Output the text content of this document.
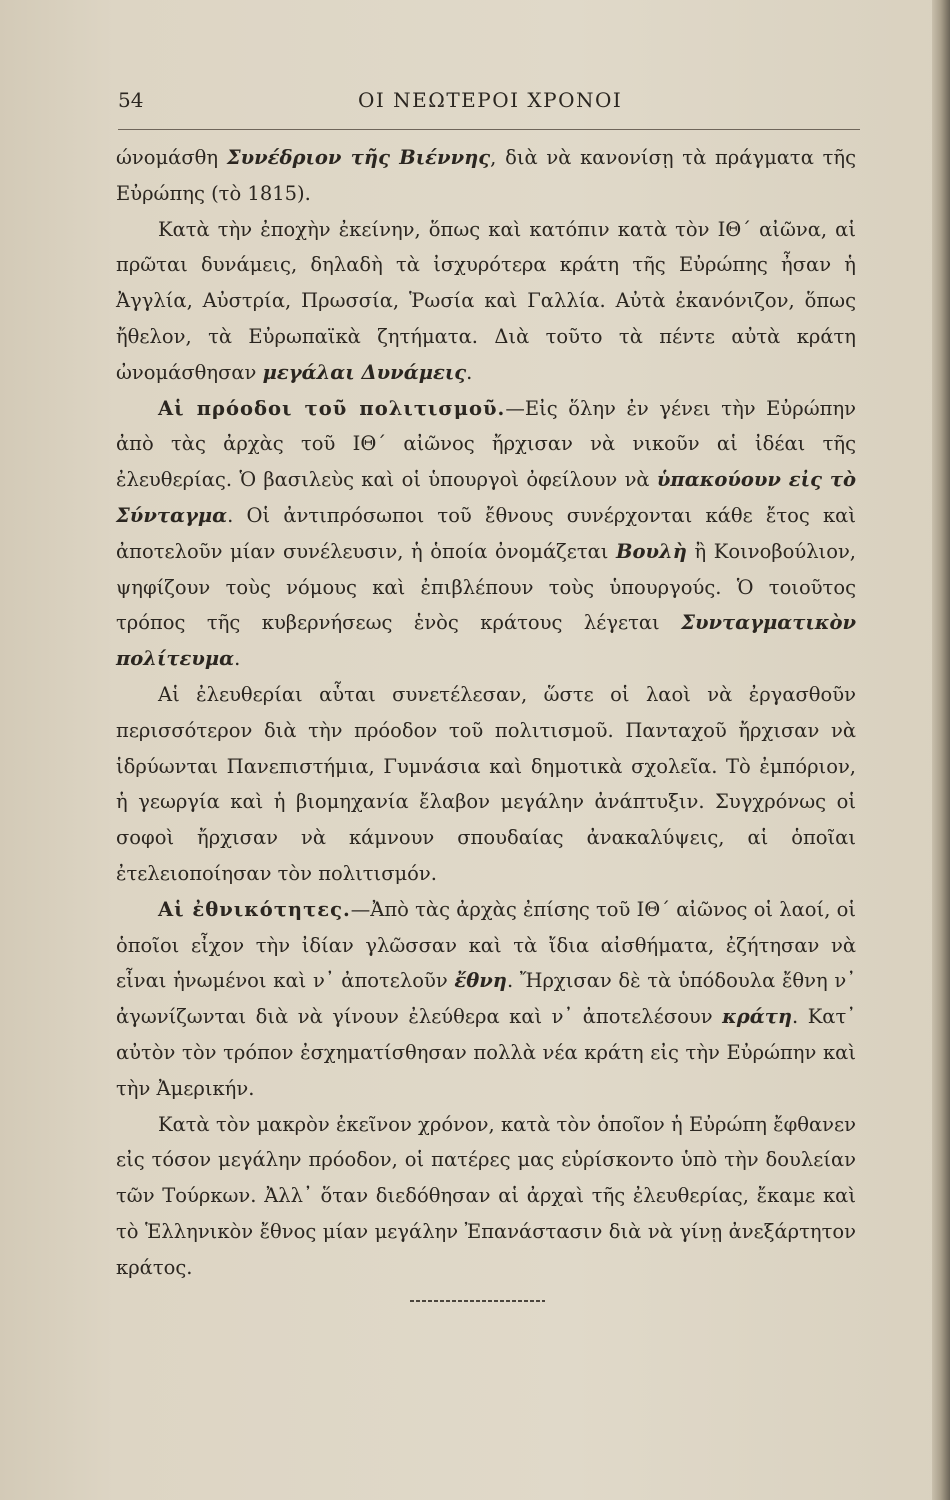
54	ΟΙ ΝΕΩΤΕΡΟΙ ΧΡΟΝΟΙ

ώνομάσθη Συνέδριον τῆς Βιέννης, διὰ νὰ κανονίσῃ τὰ πράγματα τῆς Εὐρώπης (τὸ 1815).

Κατὰ τὴν ἐποχὴν ἐκείνην, ὅπως καὶ κατόπιν κατὰ τὸν ΙΘ΄ αἰῶνα, αἱ πρῶται δυνάμεις, δηλαδὴ τὰ ἰσχυρότερα κράτη τῆς Εὐρώπης ἦσαν ἡ Ἀγγλία, Αὐστρία, Πρωσσία, Ῥωσία καὶ Γαλλία. Αὐτὰ ἐκανόνιζον, ὅπως ἤθελον, τὰ Εὐρωπαϊκὰ ζητήματα. Διὰ τοῦτο τὰ πέντε αὐτὰ κράτη ὠνομάσθησαν μεγάλαι Δυνάμεις.

Αἱ πρόοδοι τοῦ πολιτισμοῦ.—Εἰς ὅλην ἐν γένει τὴν Εὐρώπην ἀπὸ τὰς ἀρχὰς τοῦ ΙΘ΄ αἰῶνος ἤρχισαν νὰ νικοῦν αἱ ἰδέαι τῆς ἐλευθερίας. Ὁ βασιλεὺς καὶ οἱ ὑπουργοὶ ὀφείλουν νὰ ὑπακούουν εἰς τὸ Σύνταγμα. Οἱ ἀντιπρόσωποι τοῦ ἔθνους συνέρχονται κάθε ἔτος καὶ ἀποτελοῦν μίαν συνέλευσιν, ἡ ὁποία ὀνομάζεται Βουλὴ ἢ Κοινοβούλιον, ψηφίζουν τοὺς νόμους καὶ ἐπιβλέπουν τοὺς ὑπουργούς. Ὁ τοιοῦτος τρόπος τῆς κυβερνήσεως ἑνὸς κράτους λέγεται Συνταγματικὸν πολίτευμα.

Αἱ ἐλευθερίαι αὗται συνετέλεσαν, ὥστε οἱ λαοὶ νὰ ἐργασθοῦν περισσότερον διὰ τὴν πρόοδον τοῦ πολιτισμοῦ. Πανταχοῦ ἤρχισαν νὰ ἱδρύωνται Πανεπιστήμια, Γυμνάσια καὶ δημοτικὰ σχολεῖα. Τὸ ἐμπόριον, ἡ γεωργία καὶ ἡ βιομηχανία ἔλαβον μεγάλην ἀνάπτυξιν. Συγχρόνως οἱ σοφοὶ ἤρχισαν νὰ κάμνουν σπουδαίας ἀνακαλύψεις, αἱ ὁποῖαι ἐτελειοποίησαν τὸν πολιτισμόν.

Αἱ ἐθνικότητες.—Ἀπὸ τὰς ἀρχὰς ἐπίσης τοῦ ΙΘ΄ αἰῶνος οἱ λαοί, οἱ ὁποῖοι εἶχον τὴν ἰδίαν γλῶσσαν καὶ τὰ ἴδια αἰσθήματα, ἐζήτησαν νὰ εἶναι ἡνωμένοι καὶ ν᾽ ἀποτελοῦν ἔθνη. Ἤρχισαν δὲ τὰ ὑπόδουλα ἔθνη ν᾽ ἀγωνίζωνται διὰ νὰ γίνουν ἐλεύθερα καὶ ν᾽ ἀποτελέσουν κράτη. Κατ᾽ αὐτὸν τὸν τρόπον ἐσχηματίσθησαν πολλὰ νέα κράτη εἰς τὴν Εὐρώπην καὶ τὴν Ἀμερικήν.

Κατὰ τὸν μακρὸν ἐκεῖνον χρόνον, κατὰ τὸν ὁποῖον ἡ Εὐρώπη ἔφθανεν εἰς τόσον μεγάλην πρόοδον, οἱ πατέρες μας εὑρίσκοντο ὑπὸ τὴν δουλείαν τῶν Τούρκων. Ἀλλ᾽ ὅταν διεδόθησαν αἱ ἀρχαὶ τῆς ἐλευθερίας, ἔκαμε καὶ τὸ Ἑλληνικὸν ἔθνος μίαν μεγάλην Ἐπανάστασιν διὰ νὰ γίνῃ ἀνεξάρτητον κράτος.
